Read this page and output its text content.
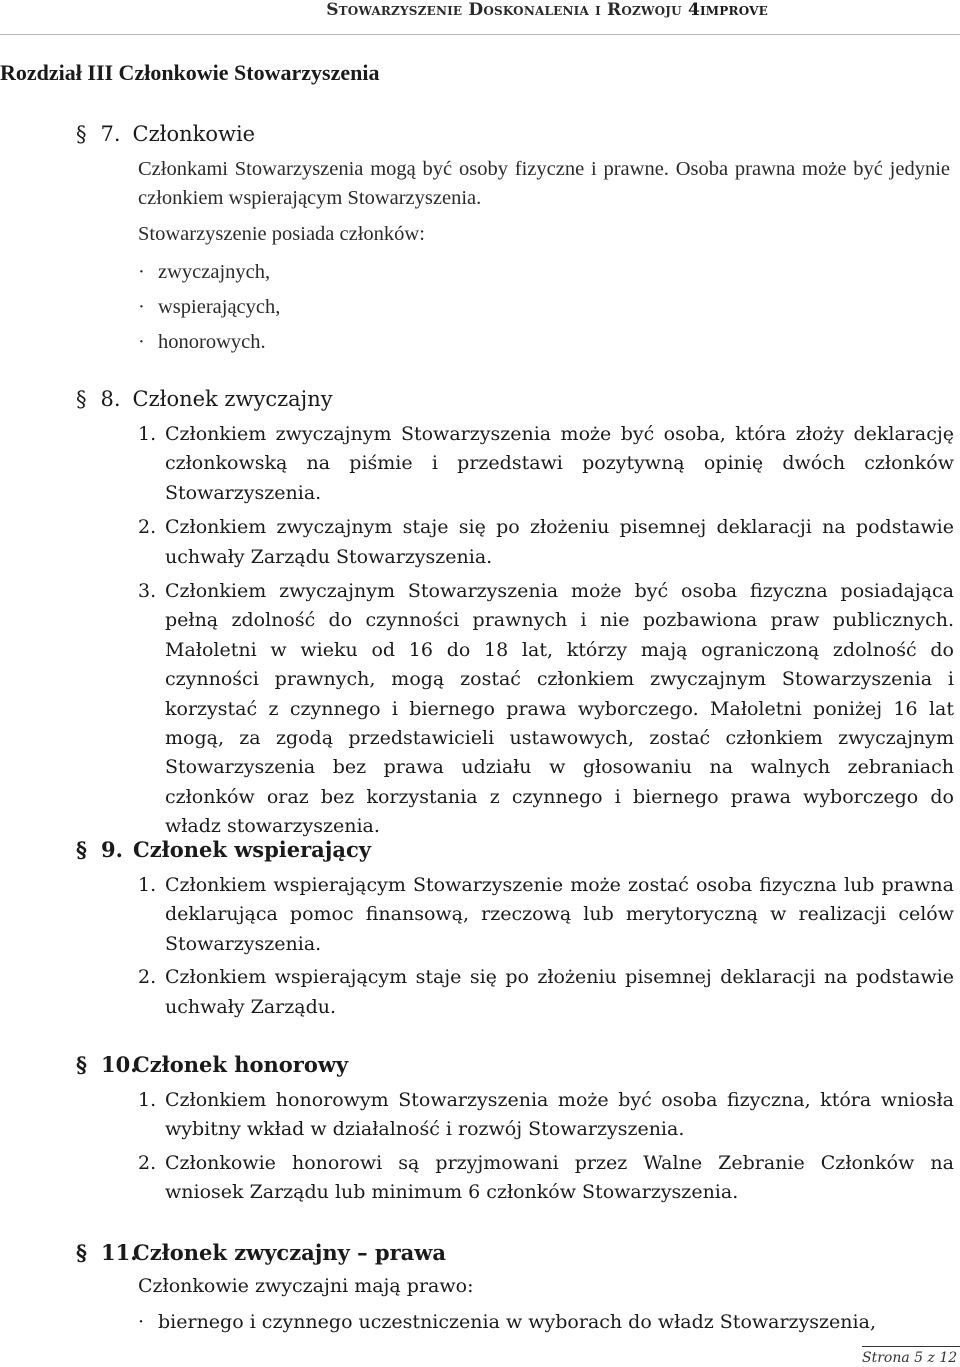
Stowarzyszenie Doskonalenia i Rozwoju 4improve
Rozdział III Członkowie Stowarzyszenia
§ 7. Członkowie
Członkami Stowarzyszenia mogą być osoby fizyczne i prawne. Osoba prawna może być jedynie członkiem wspierającym Stowarzyszenia.
Stowarzyszenie posiada członków:
· zwyczajnych,
· wspierających,
· honorowych.
§ 8. Członek zwyczajny
1. Członkiem zwyczajnym Stowarzyszenia może być osoba, która złoży deklarację członkowską na piśmie i przedstawi pozytywną opinię dwóch członków Stowarzyszenia.
2. Członkiem zwyczajnym staje się po złożeniu pisemnej deklaracji na podstawie uchwały Zarządu Stowarzyszenia.
3. Członkiem zwyczajnym Stowarzyszenia może być osoba fizyczna posiadająca pełną zdolność do czynności prawnych i nie pozbawiona praw publicznych. Małoletni w wieku od 16 do 18 lat, którzy mają ograniczoną zdolność do czynności prawnych, mogą zostać członkiem zwyczajnym Stowarzyszenia i korzystać z czynnego i biernego prawa wyborczego. Małoletni poniżej 16 lat mogą, za zgodą przedstawicieli ustawowych, zostać członkiem zwyczajnym Stowarzyszenia bez prawa udziału w głosowaniu na walnych zebraniach członków oraz bez korzystania z czynnego i biernego prawa wyborczego do władz stowarzyszenia.
§ 9. Członek wspierający
1. Członkiem wspierającym Stowarzyszenie może zostać osoba fizyczna lub prawna deklarująca pomoc finansową, rzeczową lub merytoryczną w realizacji celów Stowarzyszenia.
2. Członkiem wspierającym staje się po złożeniu pisemnej deklaracji na podstawie uchwały Zarządu.
§ 10.Członek honorowy
1. Członkiem honorowym Stowarzyszenia może być osoba fizyczna, która wniosła wybitny wkład w działalność i rozwój Stowarzyszenia.
2. Członkowie honorowi są przyjmowani przez Walne Zebranie Członków na wniosek Zarządu lub minimum 6 członków Stowarzyszenia.
§ 11.Członek zwyczajny – prawa
Członkowie zwyczajni mają prawo:
· biernego i czynnego uczestniczenia w wyborach do władz Stowarzyszenia,
Strona 5 z 12
